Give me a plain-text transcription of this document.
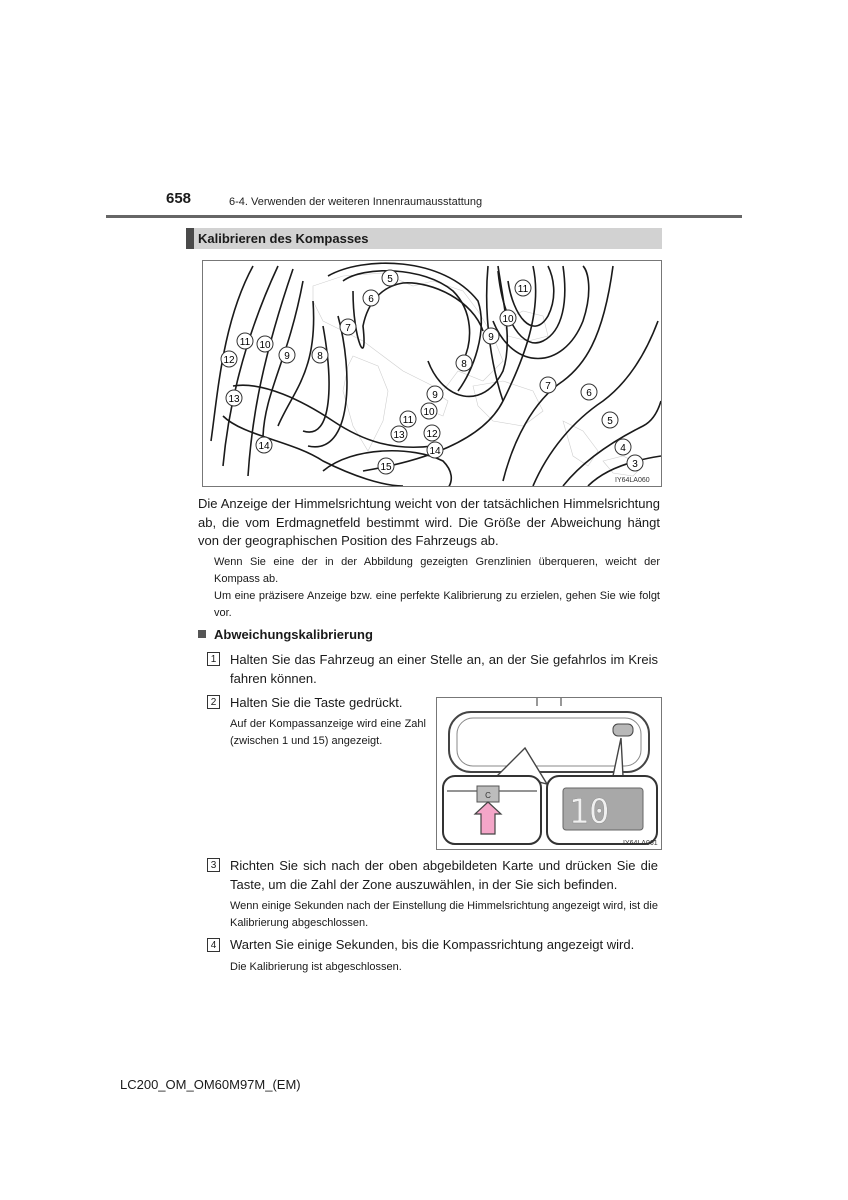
658	6-4. Verwenden der weiteren Innenraumausstattung
Kalibrieren des Kompasses
5
6
7
8
9
10
11
12
13
14
15
11
10
9
8
7
6
5
4
3
9
10
11
12
13
14
IY64LA060
Die Anzeige der Himmelsrichtung weicht von der tatsächlichen Himmelsrichtung ab, die vom Erdmagnetfeld bestimmt wird. Die Größe der Abweichung hängt von der geographischen Position des Fahrzeugs ab.
Wenn Sie eine der in der Abbildung gezeigten Grenzlinien überqueren, weicht der Kompass ab.
Um eine präzisere Anzeige bzw. eine perfekte Kalibrierung zu erzielen, gehen Sie wie folgt vor.
Abweichungskalibrierung
1 Halten Sie das Fahrzeug an einer Stelle an, an der Sie gefahrlos im Kreis fahren können.
2 Halten Sie die Taste gedrückt.
Auf der Kompassanzeige wird eine Zahl (zwischen 1 und 15) angezeigt.
C 10
IY64LA061
3 Richten Sie sich nach der oben abgebildeten Karte und drücken Sie die Taste, um die Zahl der Zone auszuwählen, in der Sie sich befinden.
Wenn einige Sekunden nach der Einstellung die Himmelsrichtung angezeigt wird, ist die Kalibrierung abgeschlossen.
4 Warten Sie einige Sekunden, bis die Kompassrichtung angezeigt wird.
Die Kalibrierung ist abgeschlossen.
LC200_OM_OM60M97M_(EM)
